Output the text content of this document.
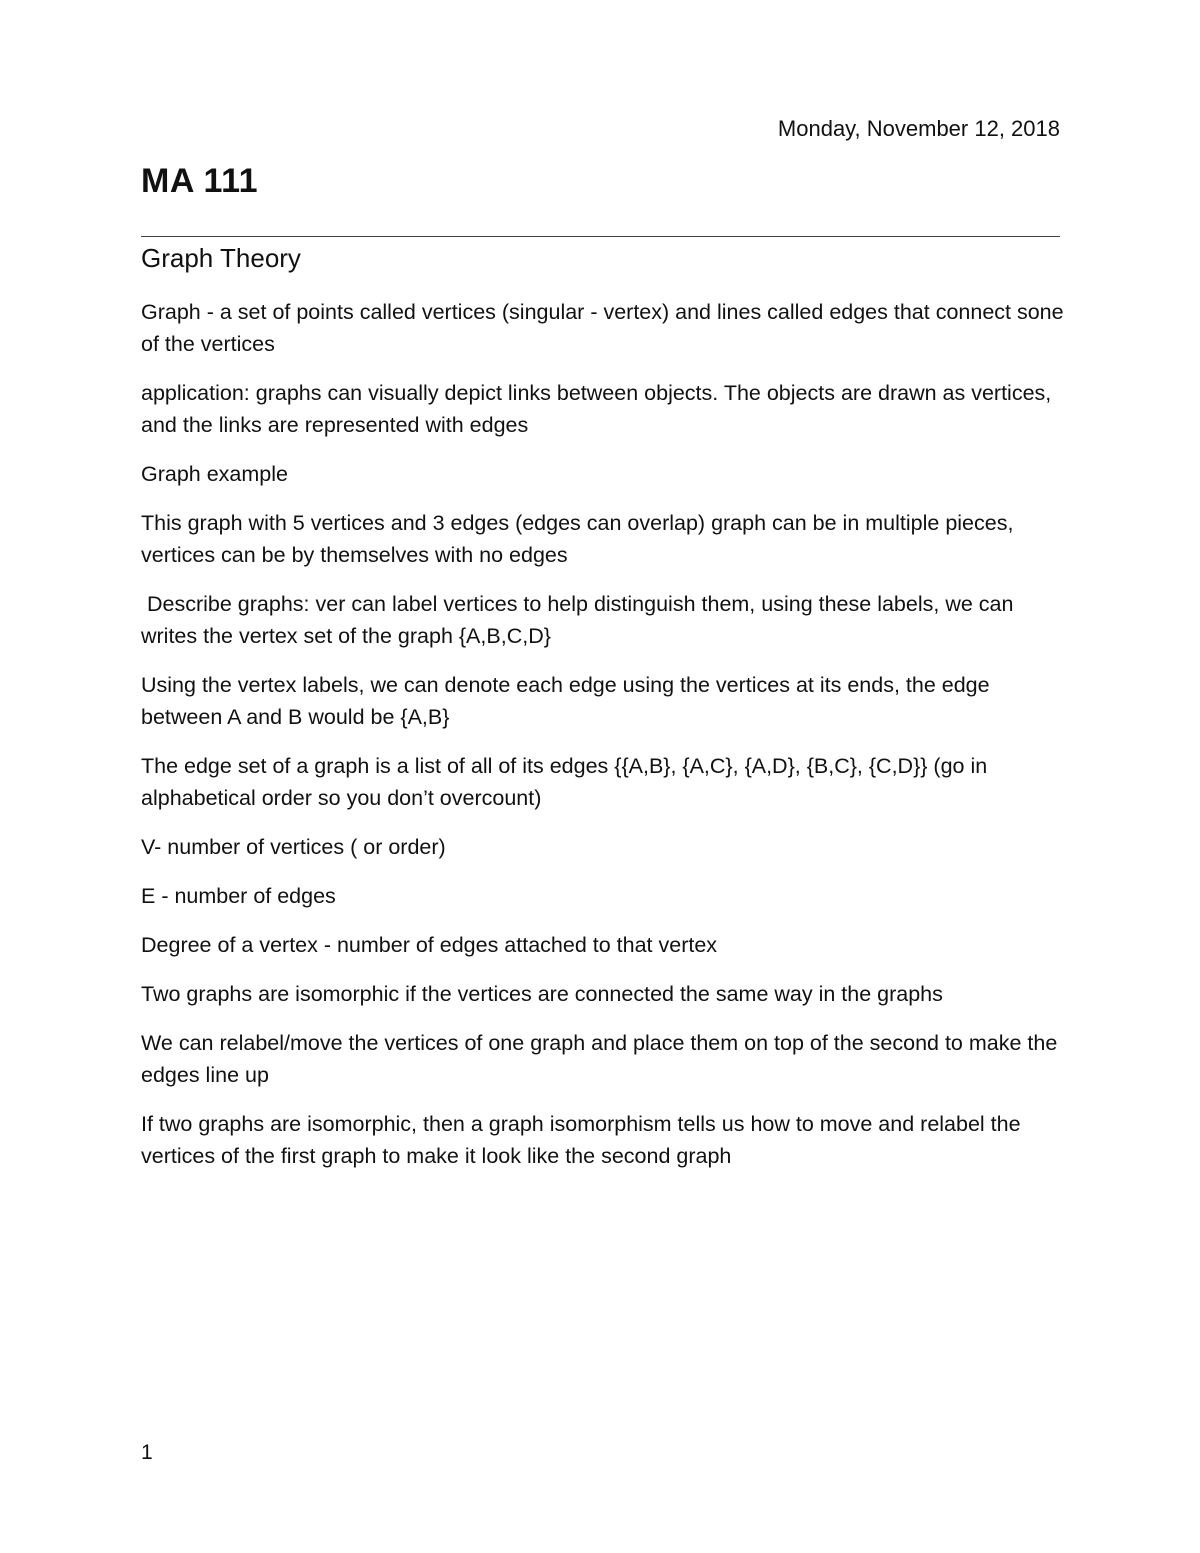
Monday, November 12, 2018
MA 111
Graph Theory

Graph - a set of points called vertices (singular - vertex) and lines called edges that connect sone of the vertices

application: graphs can visually depict links between objects. The objects are drawn as vertices, and the links are represented with edges

Graph example

This graph with 5 vertices and 3 edges (edges can overlap) graph can be in multiple pieces, vertices can be by themselves with no edges

Describe graphs: ver can label vertices to help distinguish them, using these labels, we can writes the vertex set of the graph {A,B,C,D}

Using the vertex labels, we can denote each edge using the vertices at its ends, the edge between A and B would be {A,B}

The edge set of a graph is a list of all of its edges {{A,B}, {A,C}, {A,D}, {B,C}, {C,D}} (go in alphabetical order so you don’t overcount)

V- number of vertices ( or order)

E - number of edges

Degree of a vertex - number of edges attached to that vertex

Two graphs are isomorphic if the vertices are connected the same way in the graphs

We can relabel/move the vertices of one graph and place them on top of the second to make the edges line up

If two graphs are isomorphic, then a graph isomorphism tells us how to move and relabel the vertices of the first graph to make it look like the second graph

1
